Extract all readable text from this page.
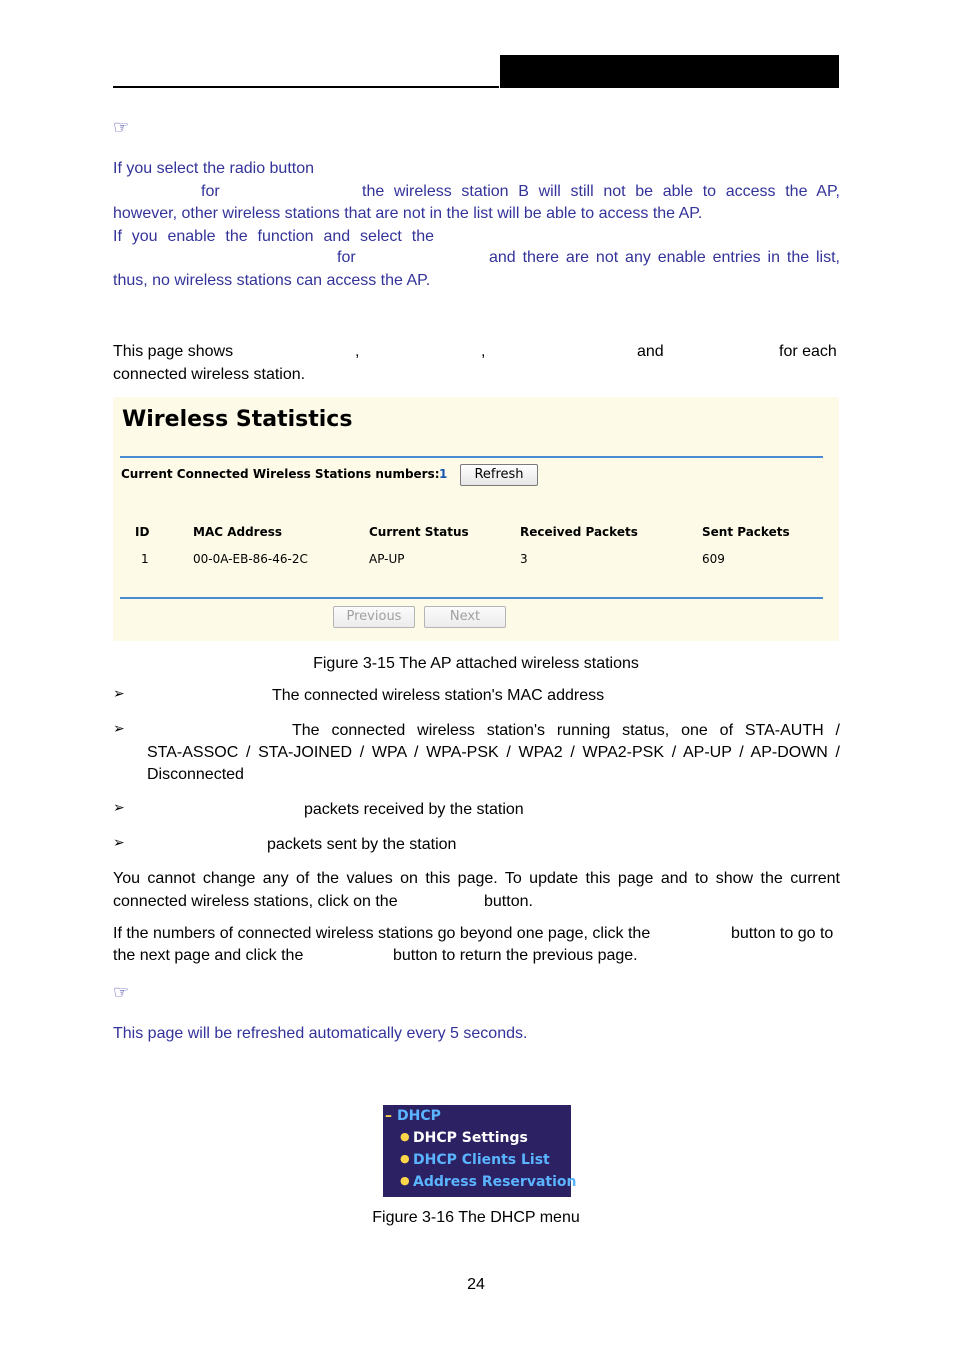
☞
If you select the radio button
for	the wireless station B will still not be able to access the AP,
however, other wireless stations that are not in the list will be able to access the AP.
If you enable the function and select the
for	and there are not any enable entries in the list,
thus, no wireless stations can access the AP.
This page shows	,	,	and	for each
connected wireless station.
Wireless Statistics
Current Connected Wireless Stations numbers: 1	Refresh
ID	MAC Address	Current Status	Received Packets	Sent Packets
1	00-0A-EB-86-46-2C	AP-UP	3	609
Previous	Next
Figure 3-15 The AP attached wireless stations
➢	The connected wireless station's MAC address
➢	The connected wireless station's running status, one of STA-AUTH /
STA-ASSOC / STA-JOINED / WPA / WPA-PSK / WPA2 / WPA2-PSK / AP-UP / AP-DOWN /
Disconnected
➢	packets received by the station
➢	packets sent by the station
You cannot change any of the values on this page. To update this page and to show the current
connected wireless stations, click on the	button.
If the numbers of connected wireless stations go beyond one page, click the	button to go to
the next page and click the	button to return the previous page.
☞
This page will be refreshed automatically every 5 seconds.
– DHCP
● DHCP Settings
● DHCP Clients List
● Address Reservation
Figure 3-16 The DHCP menu
24
